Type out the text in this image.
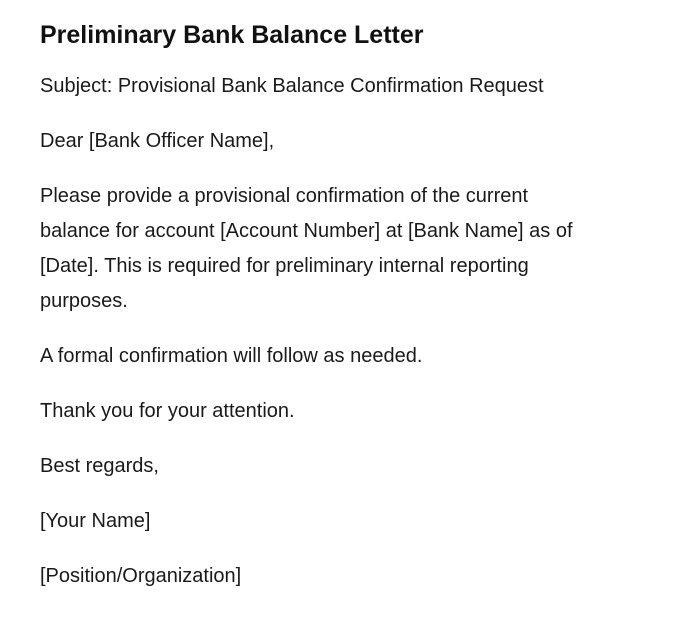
Preliminary Bank Balance Letter

Subject: Provisional Bank Balance Confirmation Request

Dear [Bank Officer Name],

Please provide a provisional confirmation of the current balance for account [Account Number] at [Bank Name] as of [Date]. This is required for preliminary internal reporting purposes.

A formal confirmation will follow as needed.

Thank you for your attention.

Best regards,

[Your Name]

[Position/Organization]
